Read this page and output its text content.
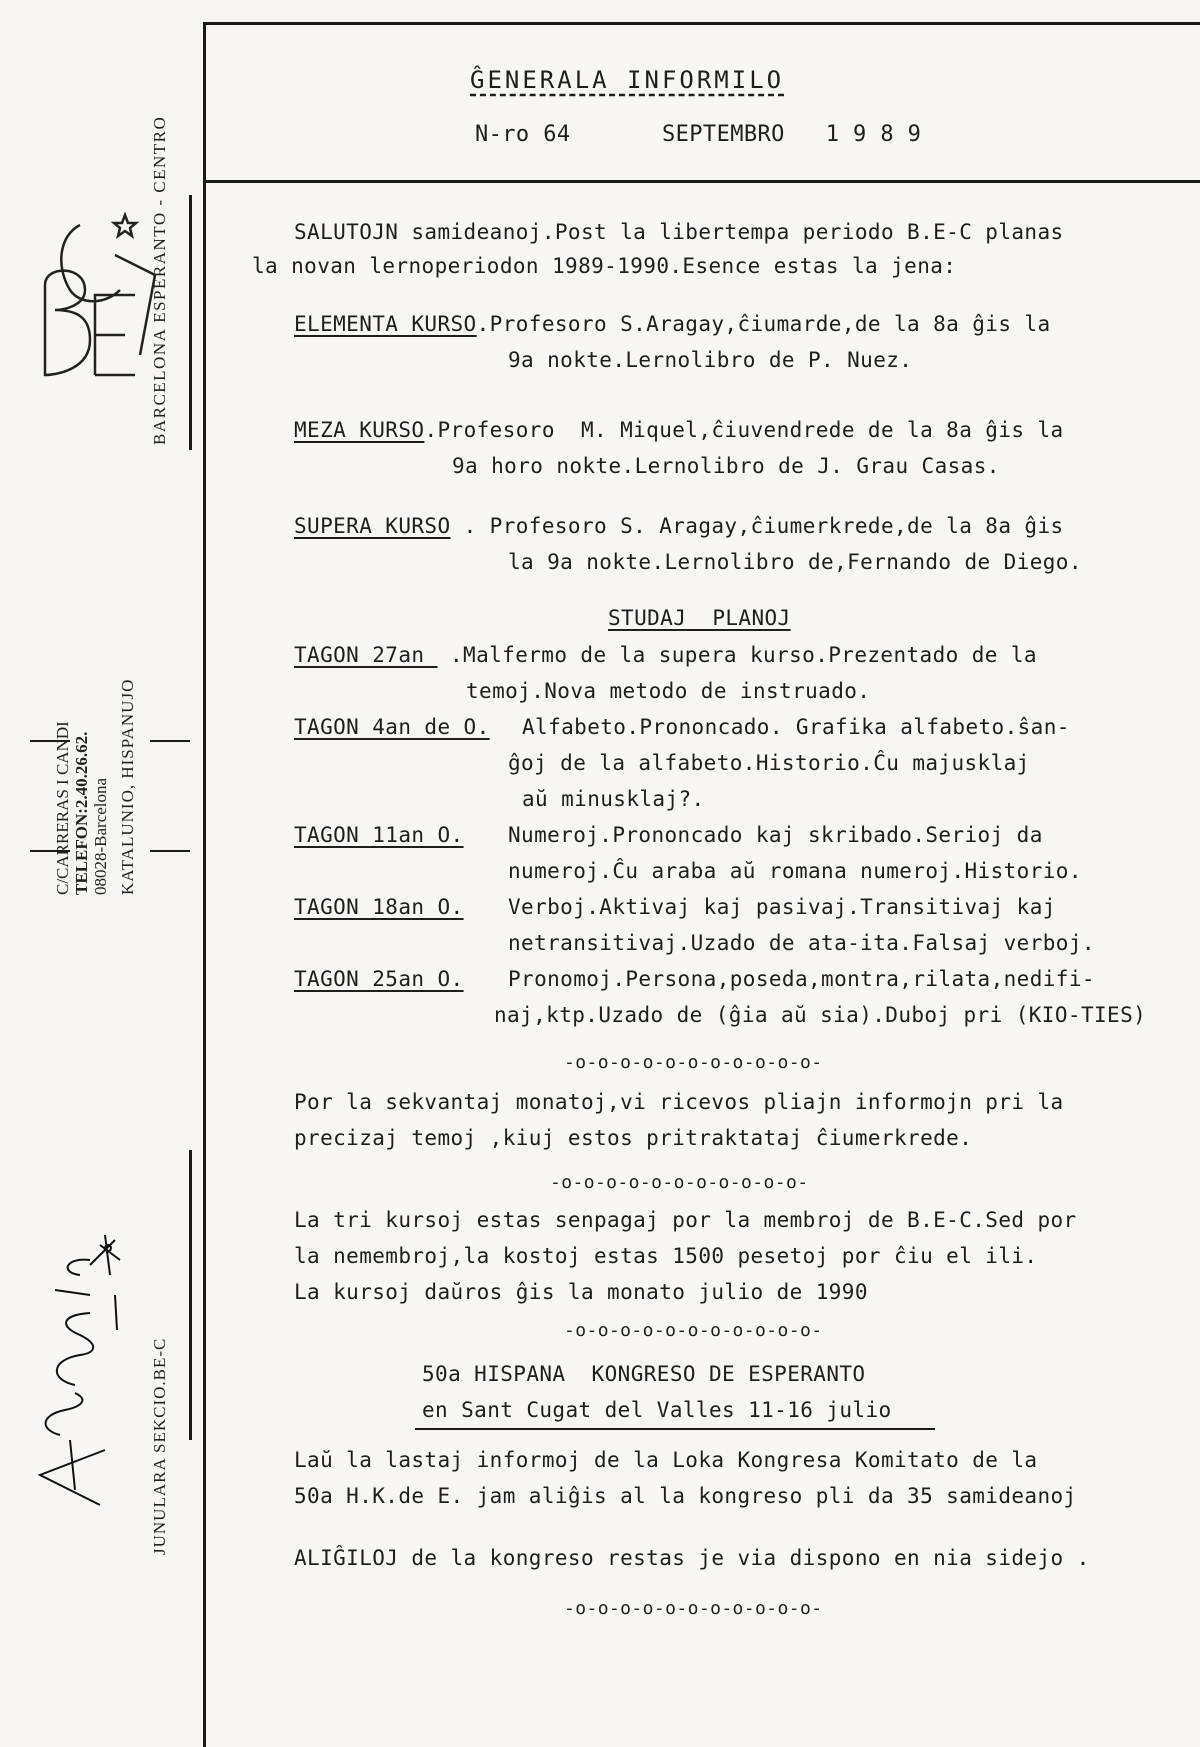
BARCELONA ESPERANTO - CENTRO
C/CARRERAS I CANDI TELEFON:2.40.26.62. 08028-Barcelona KATALUNIO, HISPANUJO
JUNULARA SEKCIO.BE-C
ĜENERALA INFORMILO
N-ro 64	SEPTEMBRO   1 9 8 9
SALUTOJN samideanoj.Post la libertempa periodo B.E-C planas
la novan lernoperiodon 1989-1990.Esence estas la jena:
ELEMENTA KURSO.Profesoro S.Aragay,ĉiumarde,de la 8a ĝis la
9a nokte.Lernolibro de P. Nuez.
MEZA KURSO.Profesoro  M. Miquel,ĉiuvendrede de la 8a ĝis la
9a horo nokte.Lernolibro de J. Grau Casas.
SUPERA KURSO . Profesoro S. Aragay,ĉiumerkrede,de la 8a ĝis
la 9a nokte.Lernolibro de,Fernando de Diego.
STUDAJ  PLANOJ
TAGON 27an .Malfermo de la supera kurso.Prezentado de la
temoj.Nova metodo de instruado.
TAGON 4an de O. Alfabeto.Prononcado. Grafika alfabeto.ŝan-
ĝoj de la alfabeto.Historio.Ĉu majusklaj
aŭ minusklaj?.
TAGON 11an O. Numeroj.Prononcado kaj skribado.Serioj da
numeroj.Ĉu araba aŭ romana numeroj.Historio.
TAGON 18an O. Verboj.Aktivaj kaj pasivaj.Transitivaj kaj
netransitivaj.Uzado de ata-ita.Falsaj verboj.
TAGON 25an O. Pronomoj.Persona,poseda,montra,rilata,nedifi-
naj,ktp.Uzado de (ĝia aŭ sia).Duboj pri (KIO-TIES)
-o-o-o-o-o-o-o-o-o-o-o-
Por la sekvantaj monatoj,vi ricevos pliajn informojn pri la
precizaj temoj ,kiuj estos pritraktataj ĉiumerkrede.
-o-o-o-o-o-o-o-o-o-o-o-
La tri kursoj estas senpagaj por la membroj de B.E-C.Sed por
la nemembroj,la kostoj estas 1500 pesetoj por ĉiu el ili.
La kursoj daŭros ĝis la monato julio de 1990
-o-o-o-o-o-o-o-o-o-o-o-
50a HISPANA  KONGRESO DE ESPERANTO
en Sant Cugat del Valles 11-16 julio
Laŭ la lastaj informoj de la Loka Kongresa Komitato de la
50a H.K.de E. jam aliĝis al la kongreso pli da 35 samideanoj
ALIĜILOJ de la kongreso restas je via dispono en nia sidejo .
-o-o-o-o-o-o-o-o-o-o-o-
